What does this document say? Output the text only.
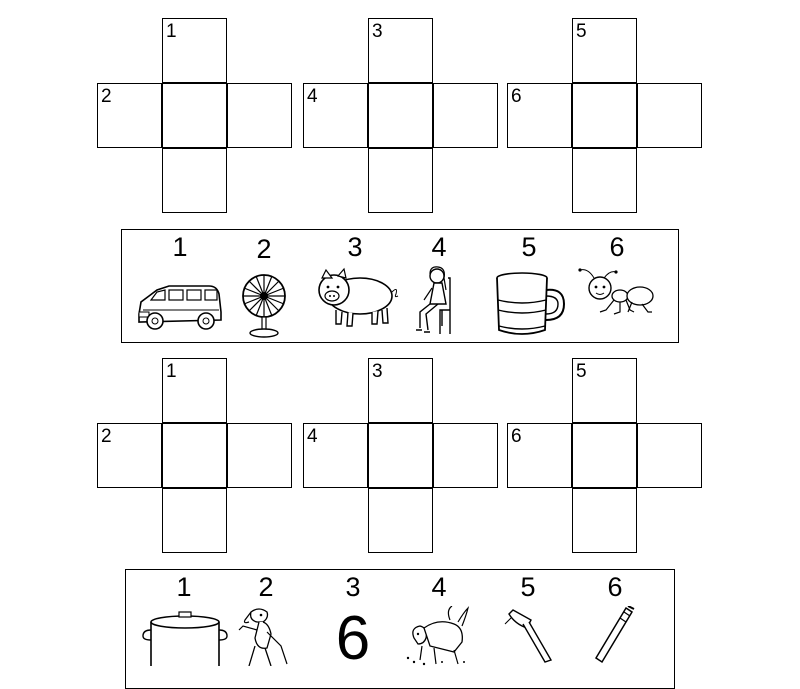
1
2
3
4
5
6
1	2	3	4	5	6
1
2
3
4
5
6
1	2	3
6
4	5	6
